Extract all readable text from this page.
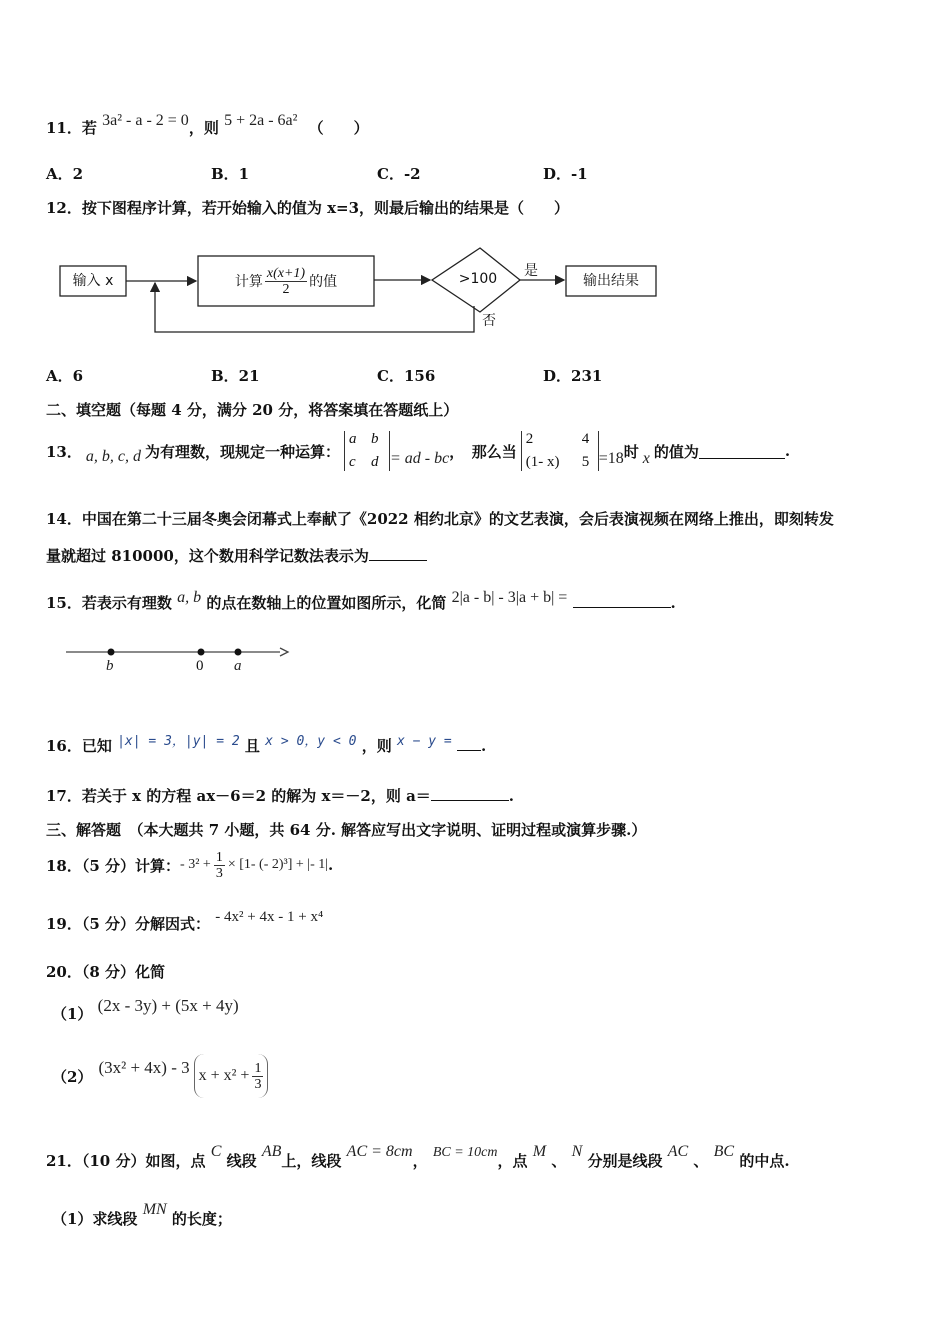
11．若 3a² - a - 2 = 0，则 5 + 2a - 6a² （　　）
A．2	B．1	C．-2	D．-1
12．按下图程序计算，若开始输入的值为 x=3，则最后输出的结果是（　　）
输入 x	计算 $\frac{x(x+1)}{2}$ 的值	>100	是
否
输出结果
A．6	B．21	C．156	D．231
二、填空题（每题 4 分，满分 20 分，将答案填在答题纸上）
13． a, b, c, d 为有理数，现规定一种运算：
a b
c	d = ad - bc ，　那么当
2	4
(1- x)	5 =18 时 x 的值为	.
14．中国在第二十三届冬奥会闭幕式上奉献了《2022 相约北京》的文艺表演，会后表演视频在网络上推出，即刻转发
量就超过 810000，这个数用科学记数法表示为
15．若表示有理数 a, b 的点在数轴上的位置如图所示，化简 2|a - b| - 3|a + b| =	.
b	0 a
16．已知 |x| = 3，|y| = 2 且 x > 0，y < 0 ，则 x − y = .
17．若关于 x 的方程 ax－6＝2 的解为 x＝－2，则 a＝	.
三、解答题　（本大题共 7 小题，共 64 分. 解答应写出文字说明、证明过程或演算步骤.）
18．（5 分）计算： - $3^2 + \frac{1}{3} \times [1-$ (- 2)³] + |- 1| .
19．（5 分）分解因式： - 4x² + 4x - 1 + x⁴
20．（8 分）化简
（1） (2x - 3y) + (5x + 4y)
（2） (3x² + 4x) - 3 $x + x^2 + \frac{1}{3}$
21．（10 分）如图，点 C 线段 AB上，线段 AC = 8cm， BC = 10cm，点 M 、 N 分别是线段 AC 、 BC 的中点.
（1）求线段 MN 的长度；
